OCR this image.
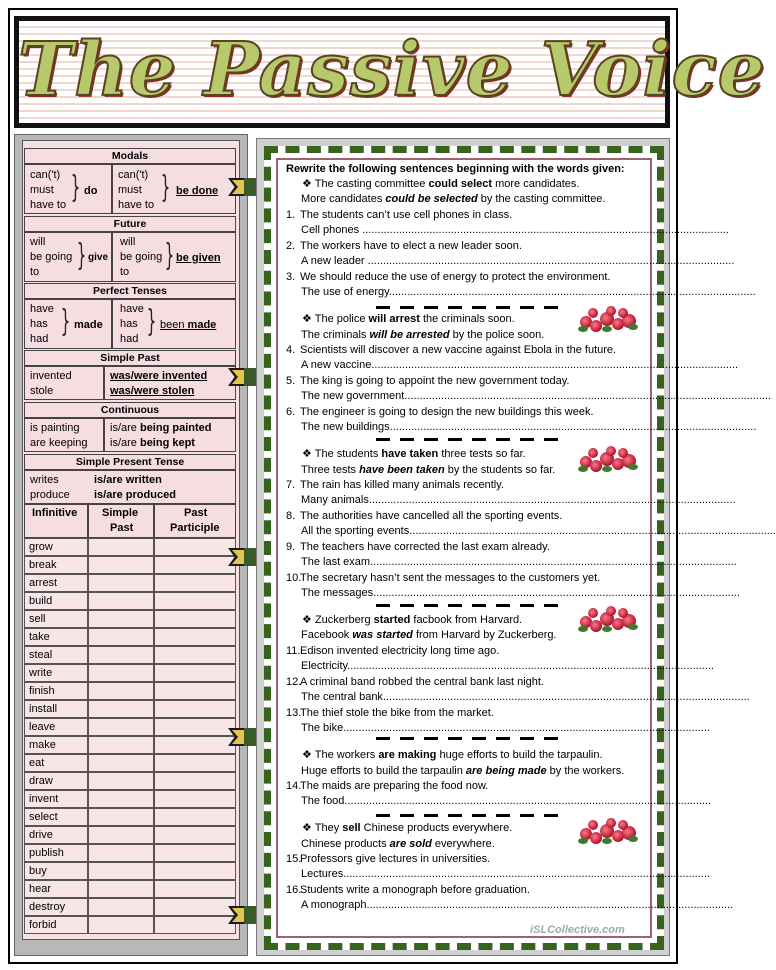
The Passive Voice
Modals
can('t)
must
have to } do
can('t)
must
have to } be done
Future
will
be going
to } give
will
be going
to } be given
Perfect Tenses
have
has
had } made
have
has
had } been made
Simple Past
invented
stole
was/were invented
was/were stolen
Continuous
is painting
are keeping
is/are being painted
is/are being kept
Simple Present Tense
writes
produce
is/are written
is/are produced
Infinitive Simple
Past
Past
Participle
grow
break
arrest
build
sell
take
steal
write
finish
install
leave
make
eat
draw
invent
select
drive
publish
buy
hear
destroy
forbid
Rewrite the following sentences beginning with the words given:
❖ The casting committee could select more candidates.
More candidates could be selected by the casting committee.
1. The students can’t use cell phones in class.
Cell phones ........................................................................................................................
2. The workers have to elect a new leader soon.
A new leader ........................................................................................................................
3. We should reduce the use of energy to protect the environment.
The use of energy........................................................................................................................
4. Scientists will discover a new vaccine against Ebola in the future.
A new vaccine........................................................................................................................
5. The king is going to appoint the new government today.
The new government........................................................................................................................
6. The engineer is going to design the new buildings this week.
The new buildings........................................................................................................................
7. The rain has killed many animals recently.
Many animals........................................................................................................................
8. The authorities have cancelled all the sporting events.
All the sporting events........................................................................................................................
9. The teachers have corrected the last exam already.
The last exam........................................................................................................................
10.The secretary hasn’t sent the messages to the customers yet.
The messages........................................................................................................................
11.Edison invented electricity long time ago.
Electricity........................................................................................................................
12.A criminal band robbed the central bank last night.
The central bank........................................................................................................................
13.The thief stole the bike from the market.
The bike........................................................................................................................
14.The maids are preparing the food now.
The food........................................................................................................................
15.Professors give lectures in universities.
Lectures........................................................................................................................
16.Students write a monograph before graduation.
A monograph........................................................................................................................
❖ The police will arrest the criminals soon.
The criminals will be arrested by the police soon.
❖ The students have taken three tests so far.
Three tests have been taken by the students so far.
❖ Zuckerberg started facbook from Harvard.
Facebook was started from Harvard by Zuckerberg.
❖ The workers are making huge efforts to build the tarpaulin.
Huge efforts to build the tarpaulin are being made by the workers.
❖ They sell Chinese products everywhere.
Chinese products are sold everywhere.
iSLCollective.com
